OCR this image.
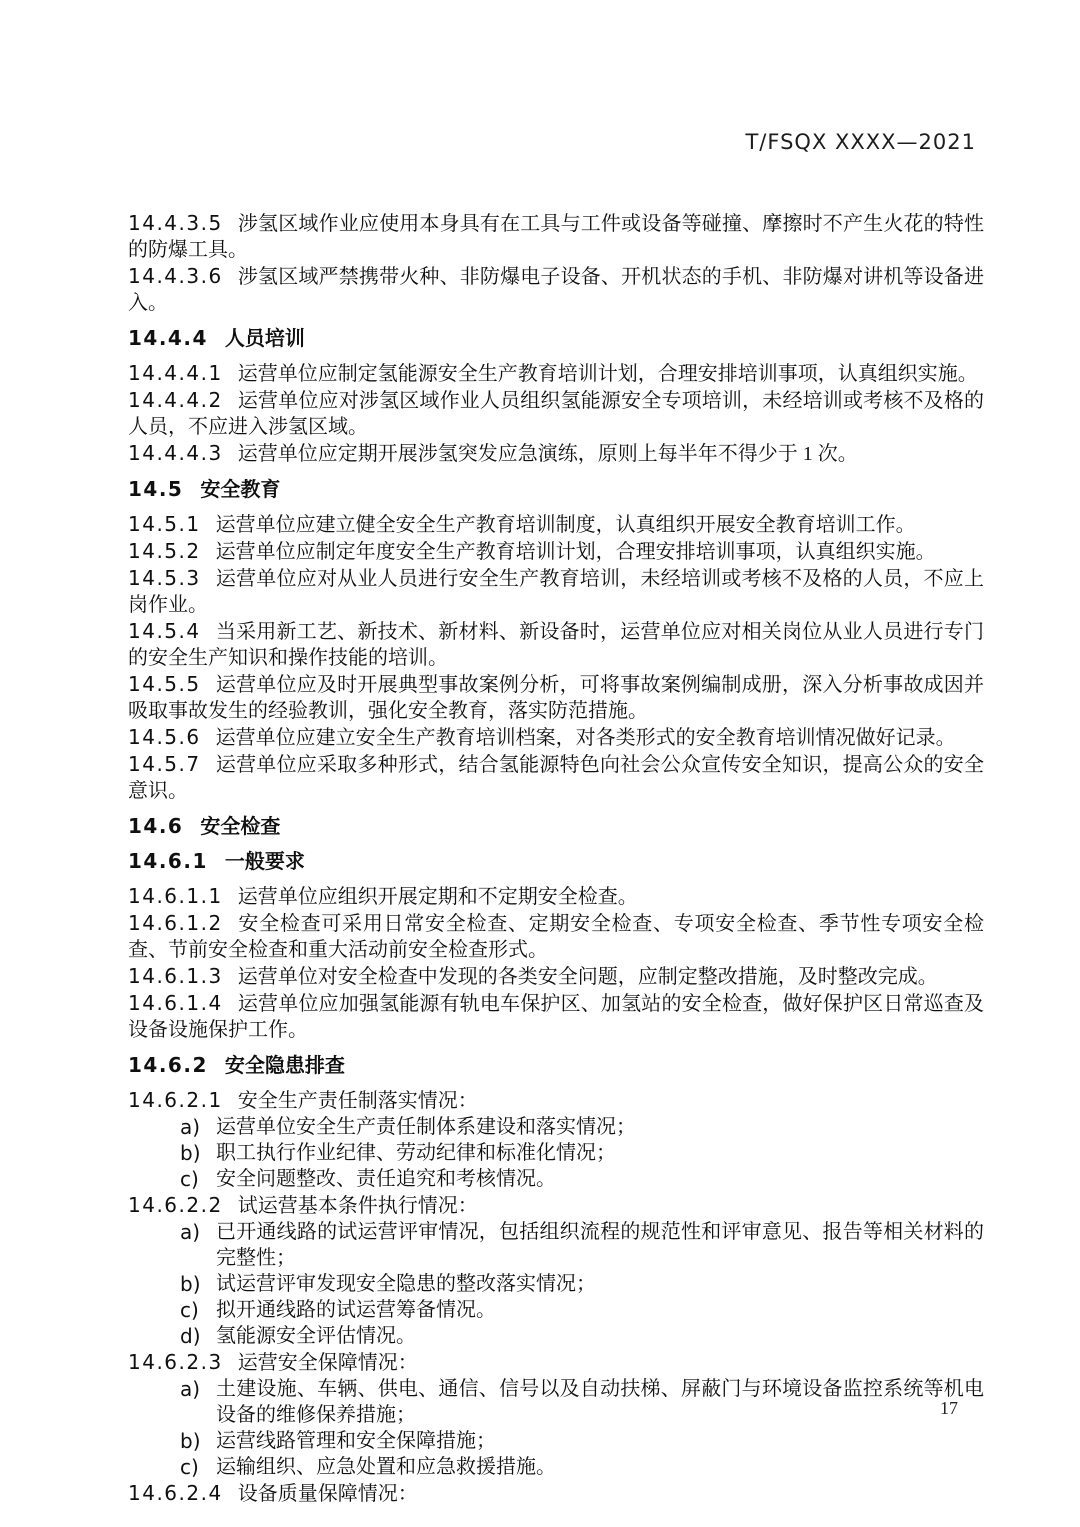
T/FSQX XXXX—2021
14.4.3.5 涉氢区域作业应使用本身具有在工具与工件或设备等碰撞、摩擦时不产生火花的特性的防爆工具。
14.4.3.6 涉氢区域严禁携带火种、非防爆电子设备、开机状态的手机、非防爆对讲机等设备进入。
14.4.4 人员培训
14.4.4.1 运营单位应制定氢能源安全生产教育培训计划，合理安排培训事项，认真组织实施。
14.4.4.2 运营单位应对涉氢区域作业人员组织氢能源安全专项培训，未经培训或考核不及格的人员，不应进入涉氢区域。
14.4.4.3 运营单位应定期开展涉氢突发应急演练，原则上每半年不得少于 1 次。
14.5 安全教育
14.5.1 运营单位应建立健全安全生产教育培训制度，认真组织开展安全教育培训工作。
14.5.2 运营单位应制定年度安全生产教育培训计划，合理安排培训事项，认真组织实施。
14.5.3 运营单位应对从业人员进行安全生产教育培训，未经培训或考核不及格的人员，不应上岗作业。
14.5.4 当采用新工艺、新技术、新材料、新设备时，运营单位应对相关岗位从业人员进行专门的安全生产知识和操作技能的培训。
14.5.5 运营单位应及时开展典型事故案例分析，可将事故案例编制成册，深入分析事故成因并吸取事故发生的经验教训，强化安全教育，落实防范措施。
14.5.6 运营单位应建立安全生产教育培训档案，对各类形式的安全教育培训情况做好记录。
14.5.7 运营单位应采取多种形式，结合氢能源特色向社会公众宣传安全知识，提高公众的安全意识。
14.6 安全检查
14.6.1 一般要求
14.6.1.1 运营单位应组织开展定期和不定期安全检查。
14.6.1.2 安全检查可采用日常安全检查、定期安全检查、专项安全检查、季节性专项安全检查、节前安全检查和重大活动前安全检查形式。
14.6.1.3 运营单位对安全检查中发现的各类安全问题，应制定整改措施，及时整改完成。
14.6.1.4 运营单位应加强氢能源有轨电车保护区、加氢站的安全检查，做好保护区日常巡查及设备设施保护工作。
14.6.2 安全隐患排查
14.6.2.1 安全生产责任制落实情况：
a) 运营单位安全生产责任制体系建设和落实情况；
b) 职工执行作业纪律、劳动纪律和标准化情况；
c) 安全问题整改、责任追究和考核情况。
14.6.2.2 试运营基本条件执行情况：
a) 已开通线路的试运营评审情况，包括组织流程的规范性和评审意见、报告等相关材料的完整性；
b) 试运营评审发现安全隐患的整改落实情况；
c) 拟开通线路的试运营筹备情况。
d) 氢能源安全评估情况。
14.6.2.3 运营安全保障情况：
a) 土建设施、车辆、供电、通信、信号以及自动扶梯、屏蔽门与环境设备监控系统等机电设备的维修保养措施；
b) 运营线路管理和安全保障措施；
c) 运输组织、应急处置和应急救援措施。
14.6.2.4 设备质量保障情况：
17
